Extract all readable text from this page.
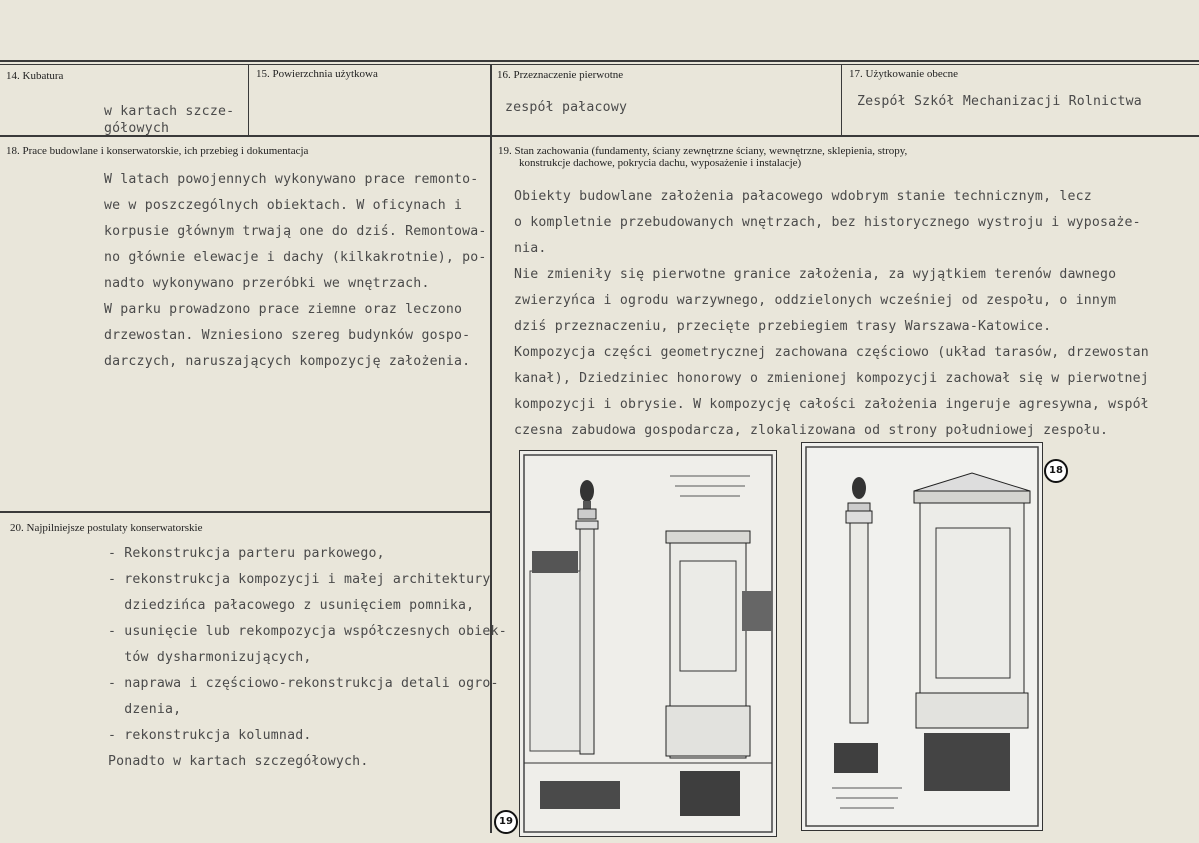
14. Kubatura
w kartach szcze-
gółowych
15. Powierzchnia użytkowa	16. Przeznaczenie pierwotne
zespół pałacowy
17. Użytkowanie obecne
Zespół Szkół Mechanizacji Rolnictwa
18. Prace budowlane i konserwatorskie, ich przebieg i dokumentacja
W latach powojennych wykonywano prace remonto-
we w poszczególnych obiektach. W oficynach i
korpusie głównym trwają one do dziś. Remontowa-
no głównie elewacje i dachy (kilkakrotnie), po-
nadto wykonywano przeróbki we wnętrzach.
W parku prowadzono prace ziemne oraz leczono
drzewostan. Wzniesiono szereg budynków gospo-
darczych, naruszających kompozycję założenia.
19. Stan zachowania (fundamenty, ściany zewnętrzne ściany, wewnętrzne, sklepienia, stropy,
konstrukcje dachowe, pokrycia dachu, wyposażenie i instalacje)
Obiekty budowlane założenia pałacowego wdobrym stanie technicznym, lecz
o kompletnie przebudowanych wnętrzach, bez historycznego wystroju i wyposaże-
nia.
Nie zmieniły się pierwotne granice założenia, za wyjątkiem terenów dawnego
zwierzyńca i ogrodu warzywnego, oddzielonych wcześniej od zespołu, o innym
dziś przeznaczeniu, przecięte przebiegiem trasy Warszawa-Katowice.
Kompozycja części geometrycznej zachowana częściowo (układ tarasów, drzewostan
kanał), Dziedziniec honorowy o zmienionej kompozycji zachował się w pierwotnej
kompozycji i obrysie. W kompozycję całości założenia ingeruje agresywna, współ
czesna zabudowa gospodarcza, zlokalizowana od strony południowej zespołu.
20. Najpilniejsze postulaty konserwatorskie
- Rekonstrukcja parteru parkowego,
- rekonstrukcja kompozycji i małej architektury
dziedzińca pałacowego z usunięciem pomnika,
- usunięcie lub rekompozycja współczesnych obiek-
tów dysharmonizujących,
- naprawa i częściowo-rekonstrukcja detali ogro-
dzenia,
- rekonstrukcja kolumnad.
Ponadto w kartach szczegółowych.
19
18
